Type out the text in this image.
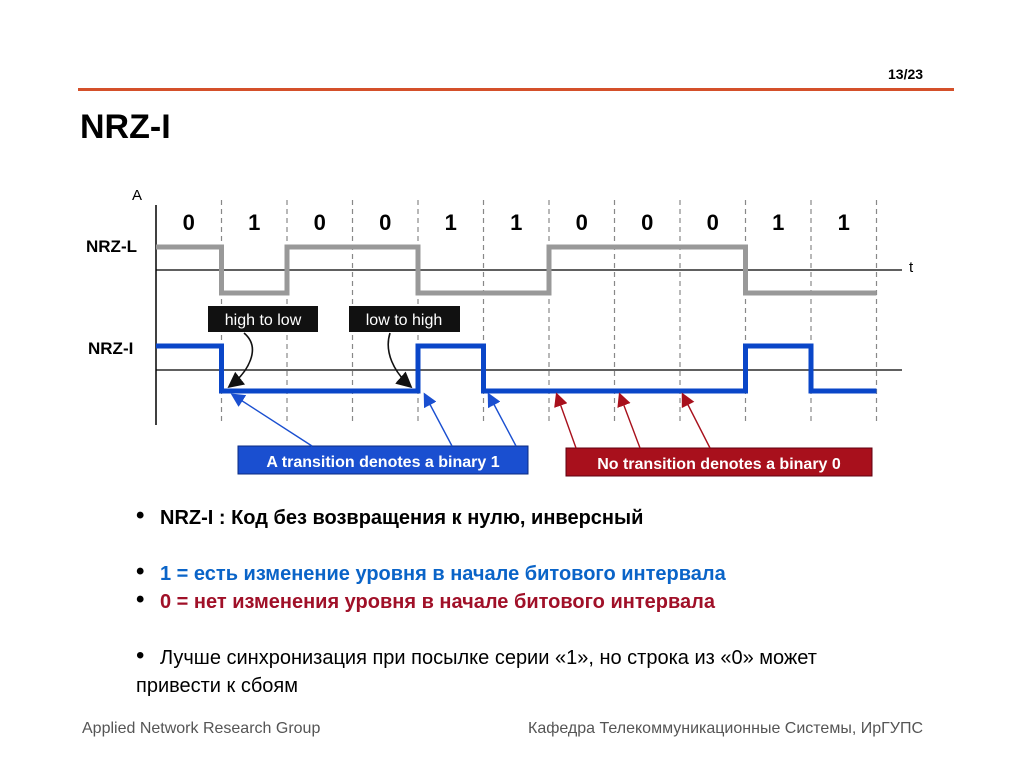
13/23
NRZ-I
A
t
0 1 0 0 1 1 0 0 0 1 1
NRZ-L
NRZ-I
high to low	low to high
A transition denotes a binary 1	No transition denotes a binary 0
• NRZ-I : Код без возвращения к нулю, инверсный
• 1 = есть изменение уровня в начале битового интервала
• 0 = нет изменения уровня в начале битового интервала
• Лучше синхронизация при посылке серии «1», но строка из «0» может
привести к сбоям
Applied Network Research Group	Кафедра Телекоммуникационные Системы, ИрГУПС
